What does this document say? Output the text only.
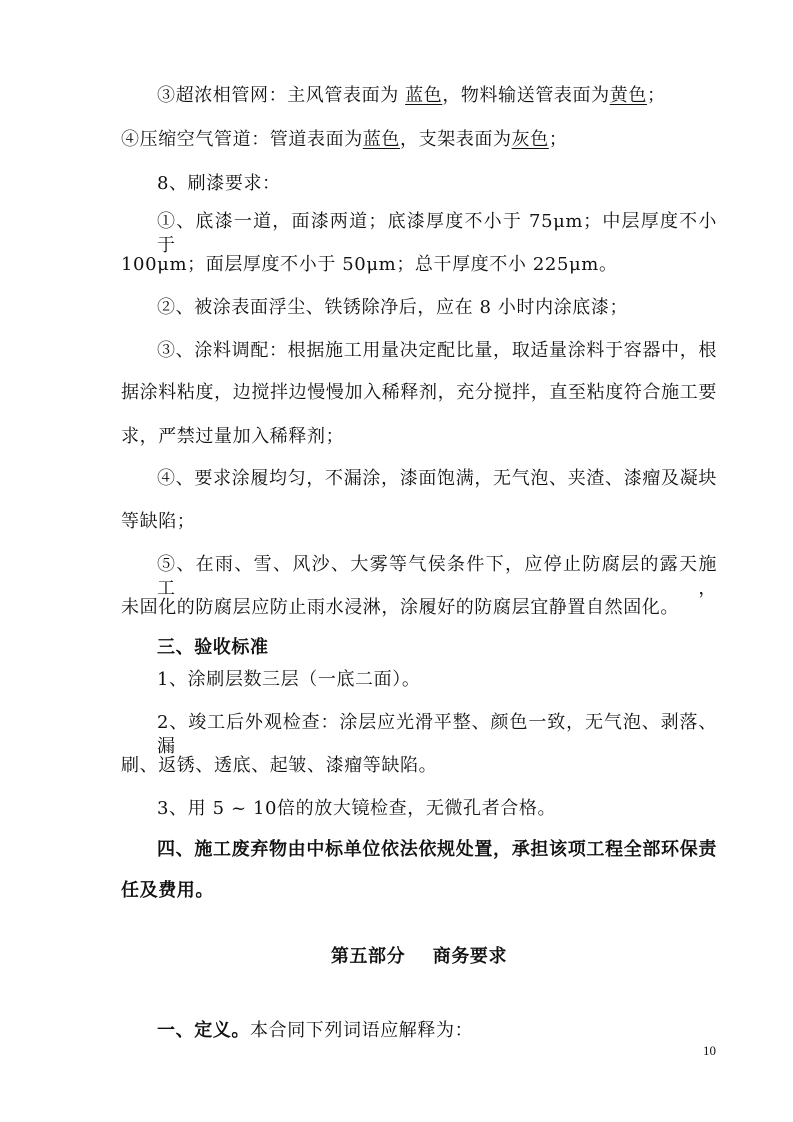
③超浓相管网：主风管表面为 蓝色，物料输送管表面为黄色；
④压缩空气管道：管道表面为蓝色，支架表面为灰色；
8、刷漆要求：
①、底漆一道，面漆两道；底漆厚度不小于 75μm；中层厚度不小于
100μm；面层厚度不小于 50μm；总干厚度不小 225μm。
②、被涂表面浮尘、铁锈除净后，应在 8 小时内涂底漆；
③、涂料调配：根据施工用量决定配比量，取适量涂料于容器中，根
据涂料粘度，边搅拌边慢慢加入稀释剂，充分搅拌，直至粘度符合施工要
求，严禁过量加入稀释剂；
④、要求涂履均匀，不漏涂，漆面饱满，无气泡、夹渣、漆瘤及凝块
等缺陷；
⑤、在雨、雪、风沙、大雾等气侯条件下，应停止防腐层的露天施工，
未固化的防腐层应防止雨水浸淋，涂履好的防腐层宜静置自然固化。
三、验收标准
1、涂刷层数三层（一底二面）。
2、竣工后外观检查：涂层应光滑平整、颜色一致，无气泡、剥落、漏
刷、返锈、透底、起皱、漆瘤等缺陷。
3、用 5 ~ 10倍的放大镜检查，无微孔者合格。
四、施工废弃物由中标单位依法依规处置，承担该项工程全部环保责
任及费用。
第五部分    商务要求
一、定义。本合同下列词语应解释为：
10
